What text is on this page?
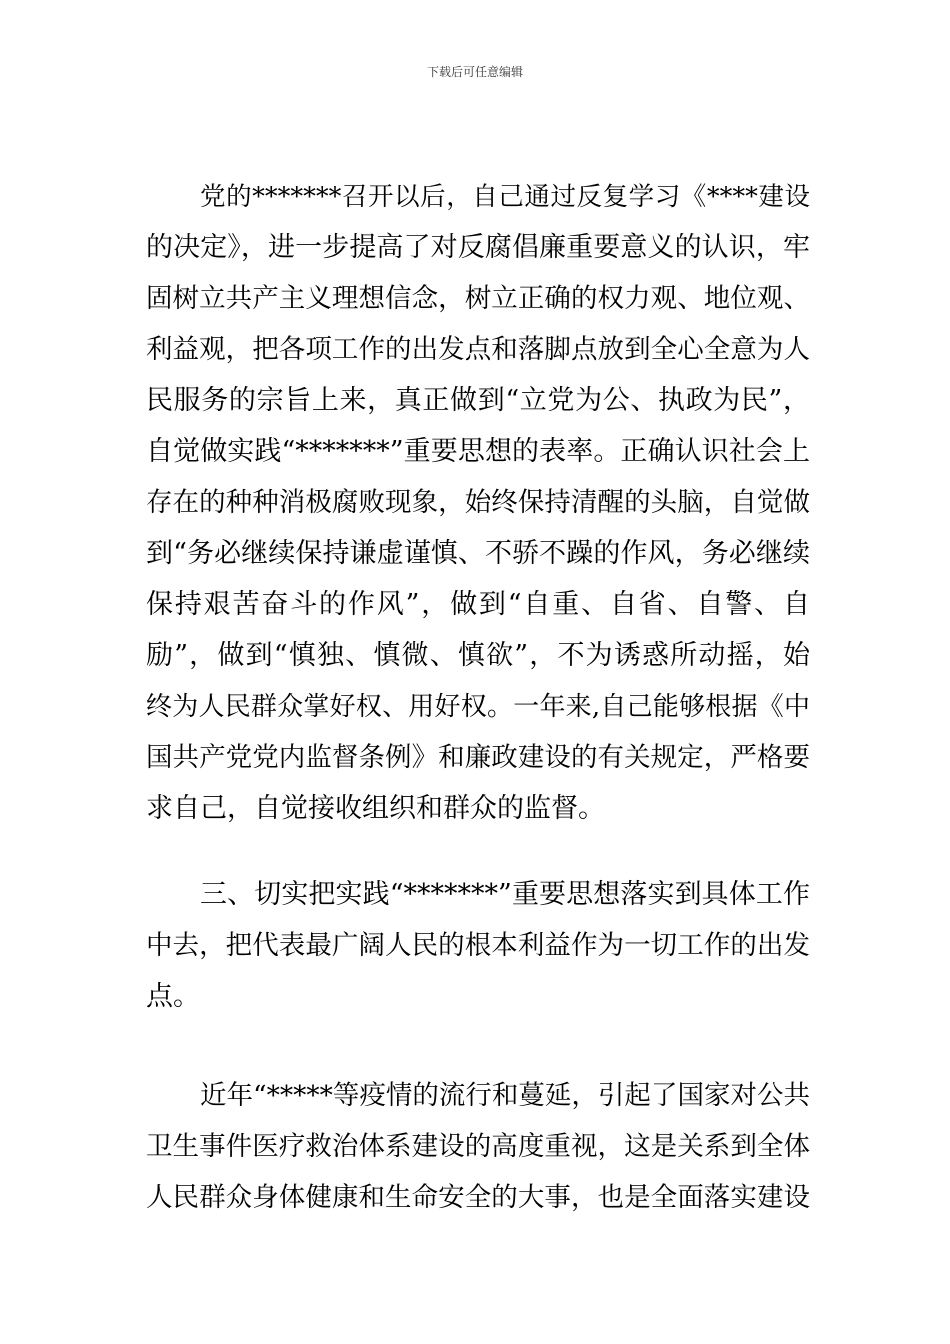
下载后可任意编辑
党的*******召开以后，自己通过反复学习《****建设
的决定》，进一步提高了对反腐倡廉重要意义的认识，牢
固树立共产主义理想信念，树立正确的权力观、地位观、
利益观，把各项工作的出发点和落脚点放到全心全意为人
民服务的宗旨上来，真正做到“立党为公、执政为民”，
自觉做实践“*******”重要思想的表率。正确认识社会上
存在的种种消极腐败现象，始终保持清醒的头脑，自觉做
到“务必继续保持谦虚谨慎、不骄不躁的作风，务必继续
保持艰苦奋斗的作风”，做到“自重、自省、自警、自
励”，做到“慎独、慎微、慎欲”，不为诱惑所动摇，始
终为人民群众掌好权、用好权。一年来,自己能够根据《中
国共产党党内监督条例》和廉政建设的有关规定，严格要
求自己，自觉接收组织和群众的监督。
三、切实把实践“*******”重要思想落实到具体工作
中去，把代表最广阔人民的根本利益作为一切工作的出发
点。
近年“*****等疫情的流行和蔓延，引起了国家对公共
卫生事件医疗救治体系建设的高度重视，这是关系到全体
人民群众身体健康和生命安全的大事，也是全面落实建设
